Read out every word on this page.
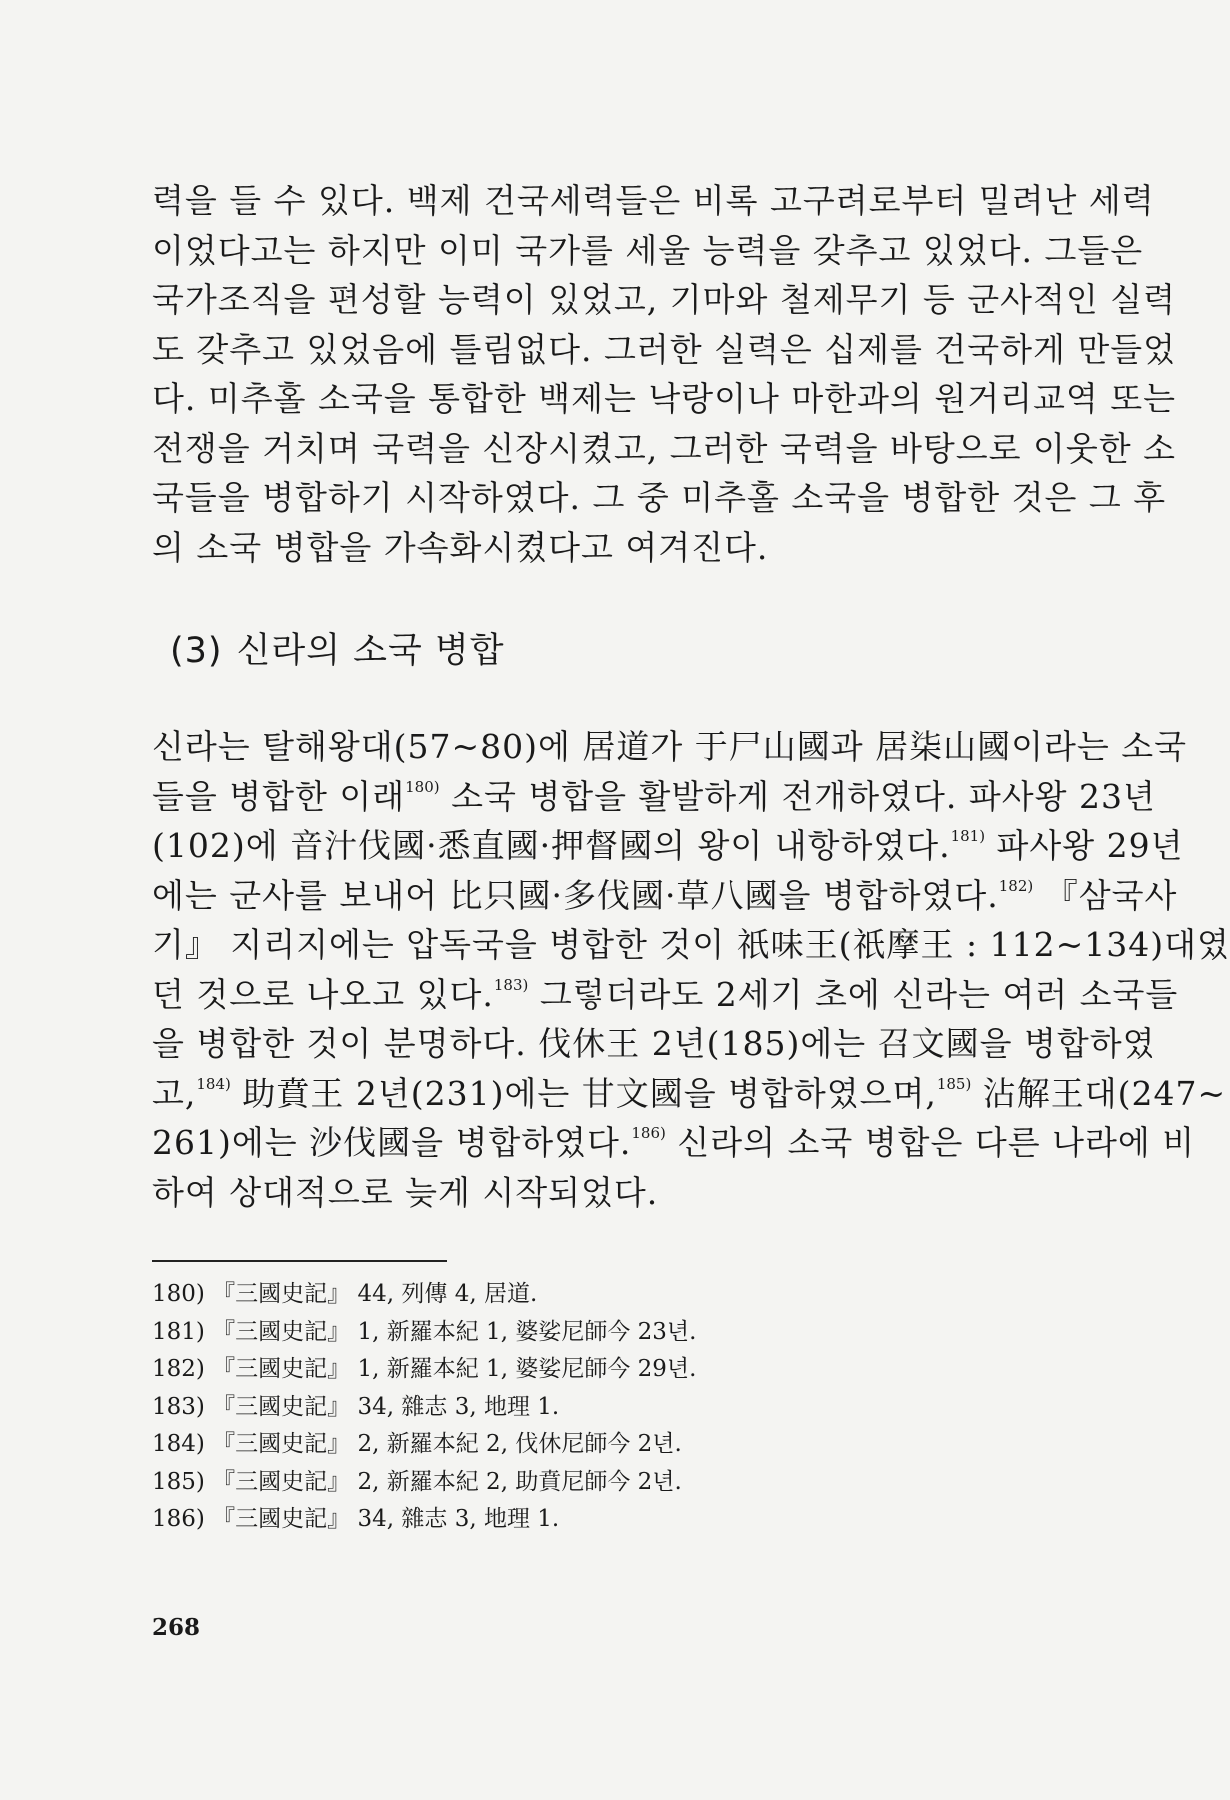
력을 들 수 있다. 백제 건국세력들은 비록 고구려로부터 밀려난 세력
이었다고는 하지만 이미 국가를 세울 능력을 갖추고 있었다. 그들은
국가조직을 편성할 능력이 있었고, 기마와 철제무기 등 군사적인 실력
도 갖추고 있었음에 틀림없다. 그러한 실력은 십제를 건국하게 만들었
다. 미추홀 소국을 통합한 백제는 낙랑이나 마한과의 원거리교역 또는
전쟁을 거치며 국력을 신장시켰고, 그러한 국력을 바탕으로 이웃한 소
국들을 병합하기 시작하였다. 그 중 미추홀 소국을 병합한 것은 그 후
의 소국 병합을 가속화시켰다고 여겨진다.
(3) 신라의 소국 병합
신라는 탈해왕대(57~80)에 居道가 于尸山國과 居柒山國이라는 소국
들을 병합한 이래$^{180)}$ 소국 병합을 활발하게 전개하였다. 파사왕 23년
(102)에 音汁伐國·悉直國·押督國의 왕이 내항하였다.$^{181)}$ 파사왕 29년
에는 군사를 보내어 比只國·多伐國·草八國을 병합하였다.$^{182)}$ 『삼국사
기』 지리지에는 압독국을 병합한 것이 祇味王(祇摩王 : 112~134)대였
던 것으로 나오고 있다.$^{183)}$ 그렇더라도 2세기 초에 신라는 여러 소국들
을 병합한 것이 분명하다. 伐休王 2년(185)에는 召文國을 병합하였
고,$^{184)}$ 助賁王 2년(231)에는 甘文國을 병합하였으며,$^{185)}$ 沾解王대(247~
261)에는 沙伐國을 병합하였다.$^{186)}$ 신라의 소국 병합은 다른 나라에 비
하여 상대적으로 늦게 시작되었다.
180) 『三國史記』 44, 列傳 4, 居道.
181) 『三國史記』 1, 新羅本紀 1, 婆娑尼師今 23년.
182) 『三國史記』 1, 新羅本紀 1, 婆娑尼師今 29년.
183) 『三國史記』 34, 雜志 3, 地理 1.
184) 『三國史記』 2, 新羅本紀 2, 伐休尼師今 2년.
185) 『三國史記』 2, 新羅本紀 2, 助賁尼師今 2년.
186) 『三國史記』 34, 雜志 3, 地理 1.
268
